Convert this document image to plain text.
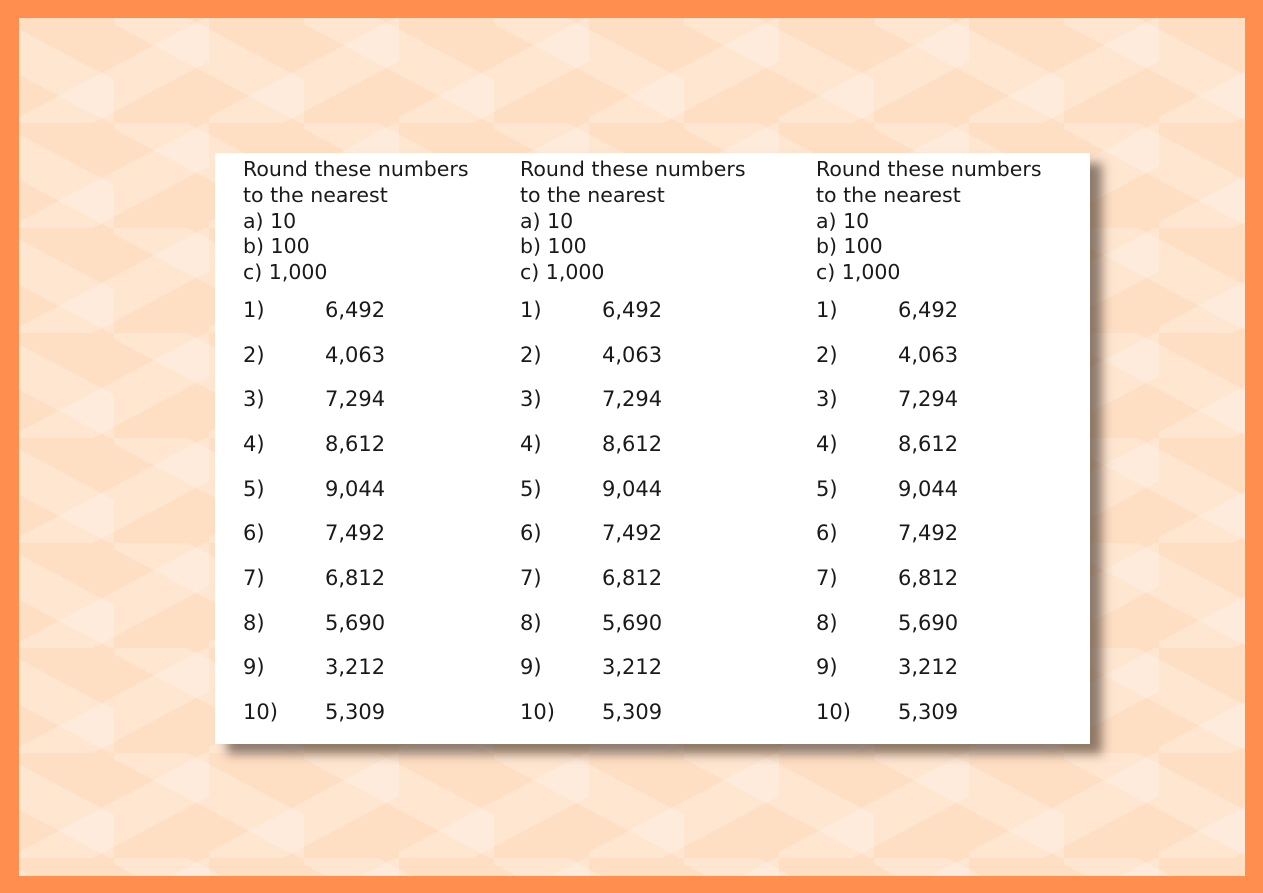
Round these numbers
to the nearest
a) 10
b) 100
c) 1,000
1)	6,492
2)	4,063
3)	7,294
4)	8,612
5)	9,044
6)	7,492
7)	6,812
8)	5,690
9)	3,212
10)	5,309
Round these numbers
to the nearest
a) 10
b) 100
c) 1,000
1)	6,492
2)	4,063
3)	7,294
4)	8,612
5)	9,044
6)	7,492
7)	6,812
8)	5,690
9)	3,212
10)	5,309
Round these numbers
to the nearest
a) 10
b) 100
c) 1,000
1)	6,492
2)	4,063
3)	7,294
4)	8,612
5)	9,044
6)	7,492
7)	6,812
8)	5,690
9)	3,212
10)	5,309
